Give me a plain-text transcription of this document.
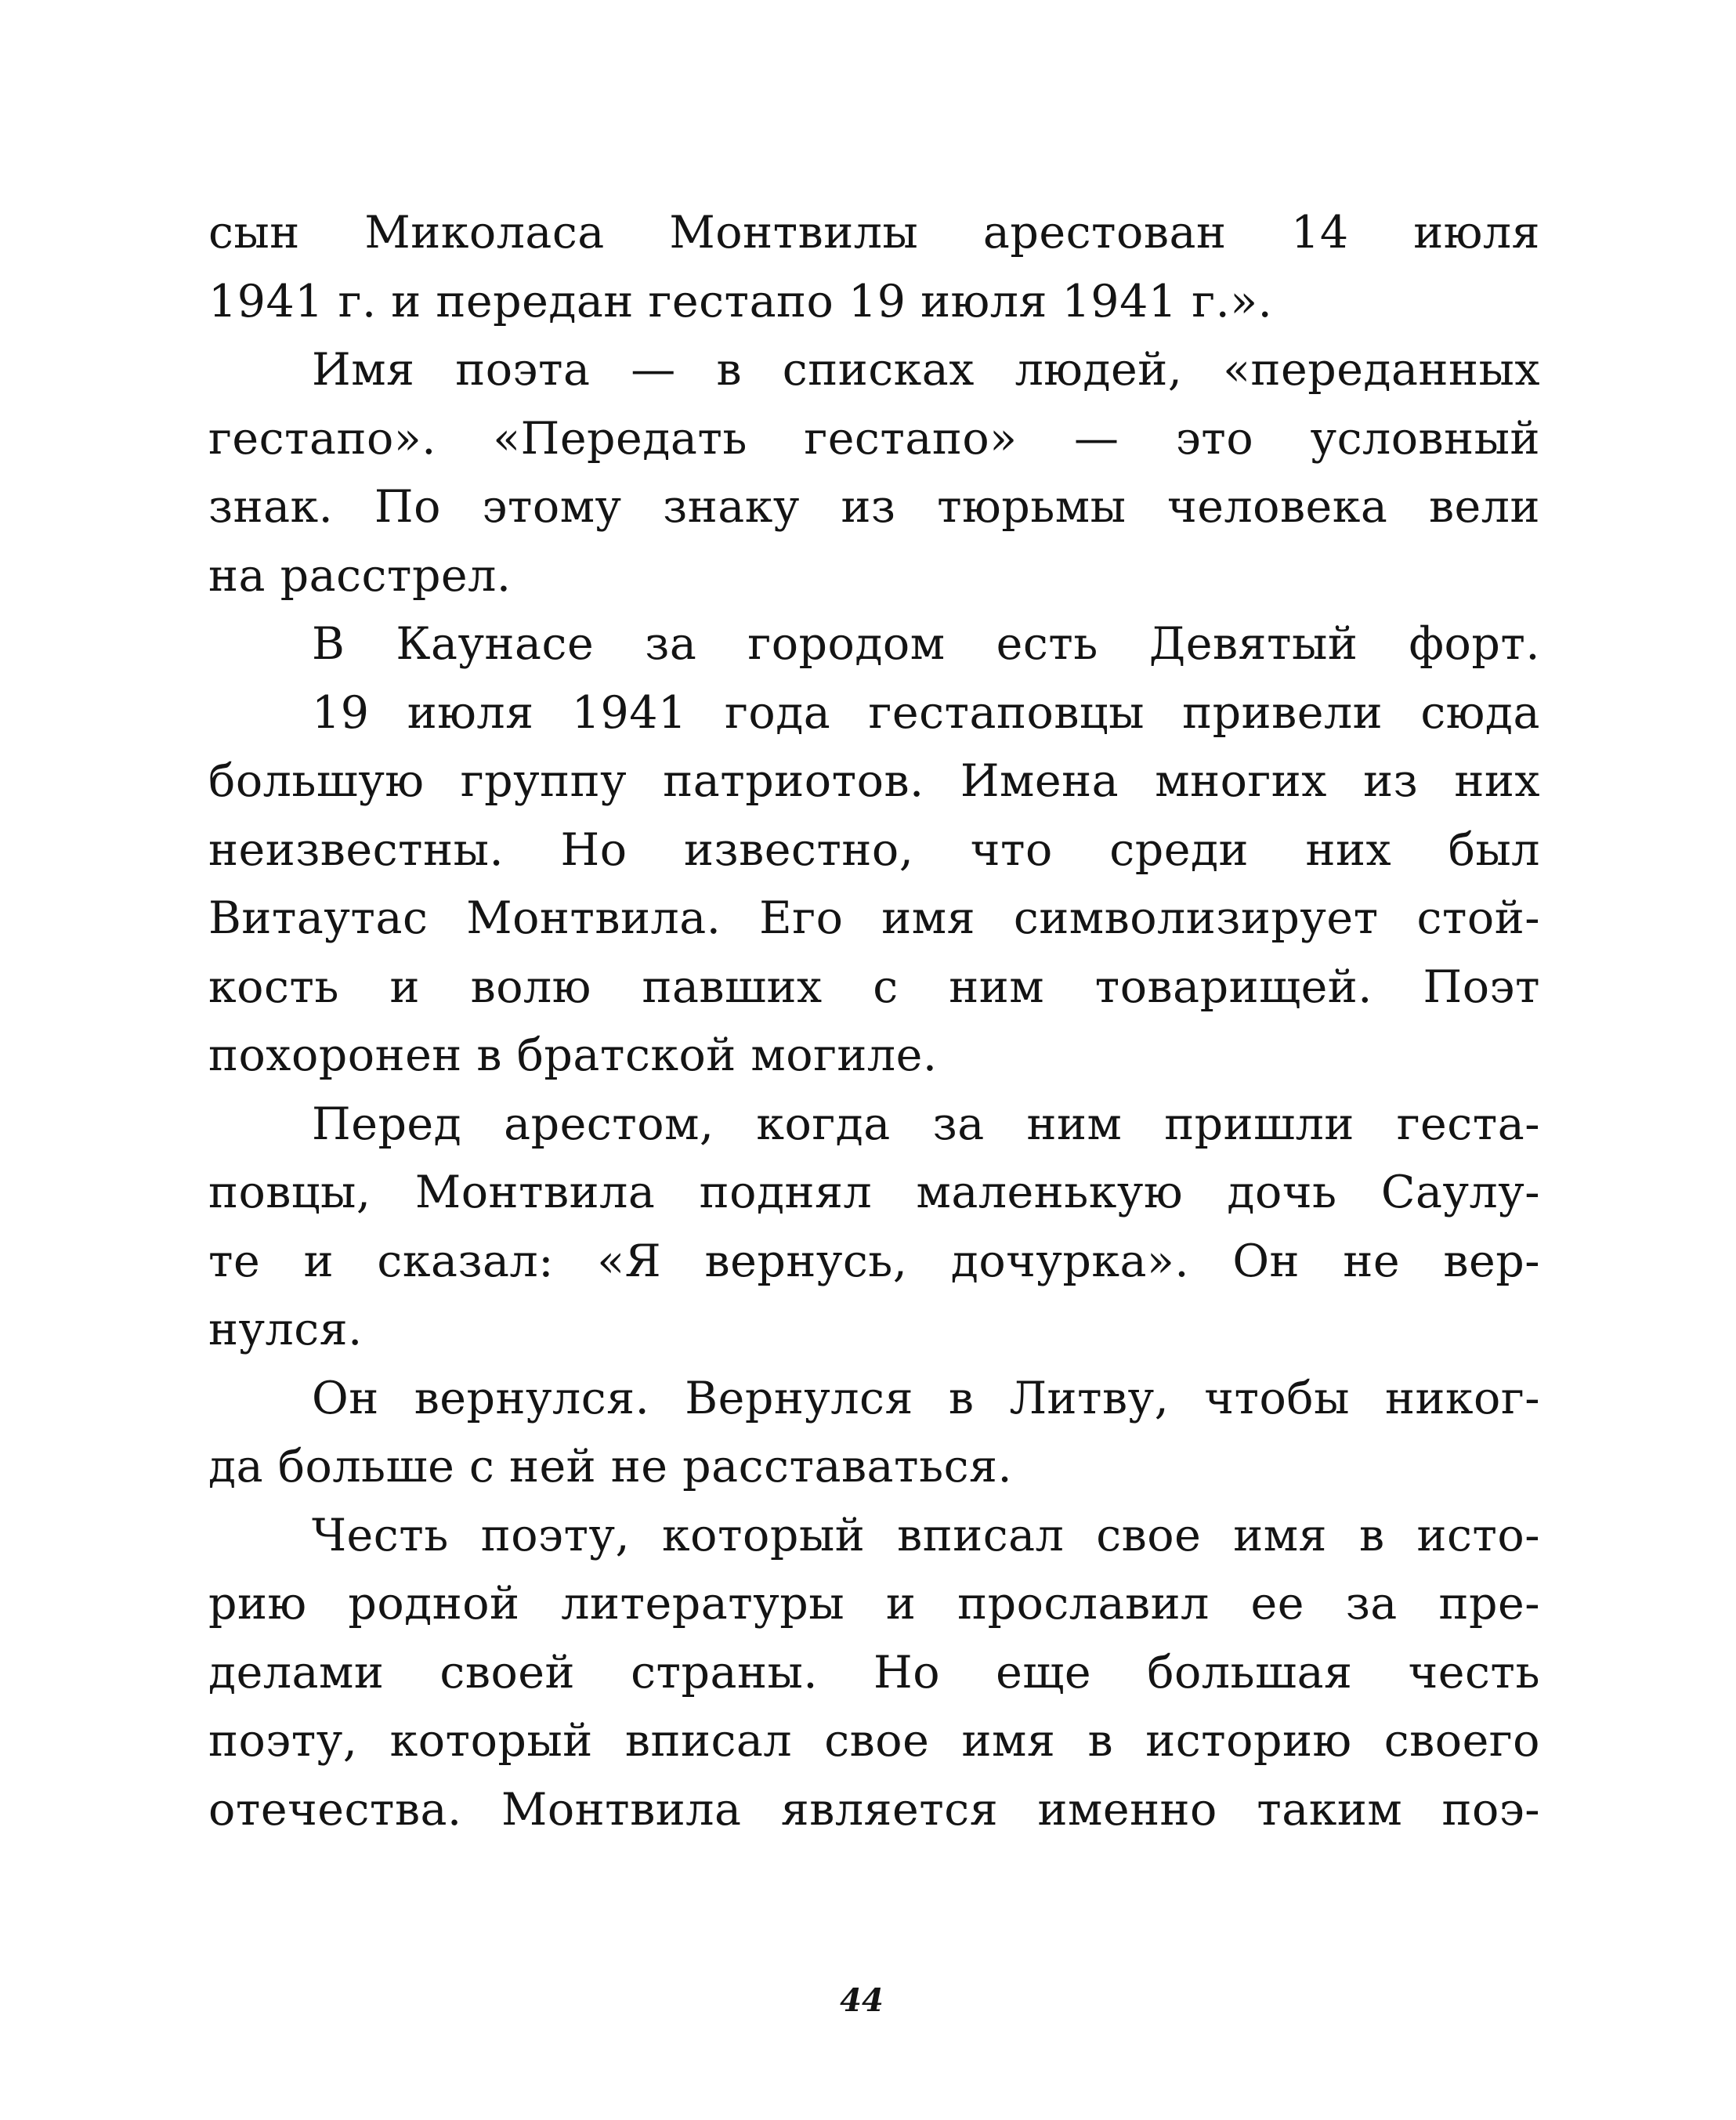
сын Миколаса Монтвилы арестован 14 июля
1941 г. и передан гестапо 19 июля 1941 г.».
Имя поэта — в списках людей, «переданных
гестапо». «Передать гестапо» — это условный
знак. По этому знаку из тюрьмы человека вели
на расстрел.
В Каунасе за городом есть Девятый форт.
19 июля 1941 года гестаповцы привели сюда
большую группу патриотов. Имена многих из них
неизвестны. Но известно, что среди них был
Витаутас Монтвила. Его имя символизирует стой-
кость и волю павших с ним товарищей. Поэт
похоронен в братской могиле.
Перед арестом, когда за ним пришли геста-
повцы, Монтвила поднял маленькую дочь Саулу-
те и сказал: «Я вернусь, дочурка». Он не вер-
нулся.
Он вернулся. Вернулся в Литву, чтобы никог-
да больше с ней не расставаться.
Честь поэту, который вписал свое имя в исто-
рию родной литературы и прославил ее за пре-
делами своей страны. Но еще большая честь
поэту, который вписал свое имя в историю своего
отечества. Монтвила является именно таким поэ-
44
